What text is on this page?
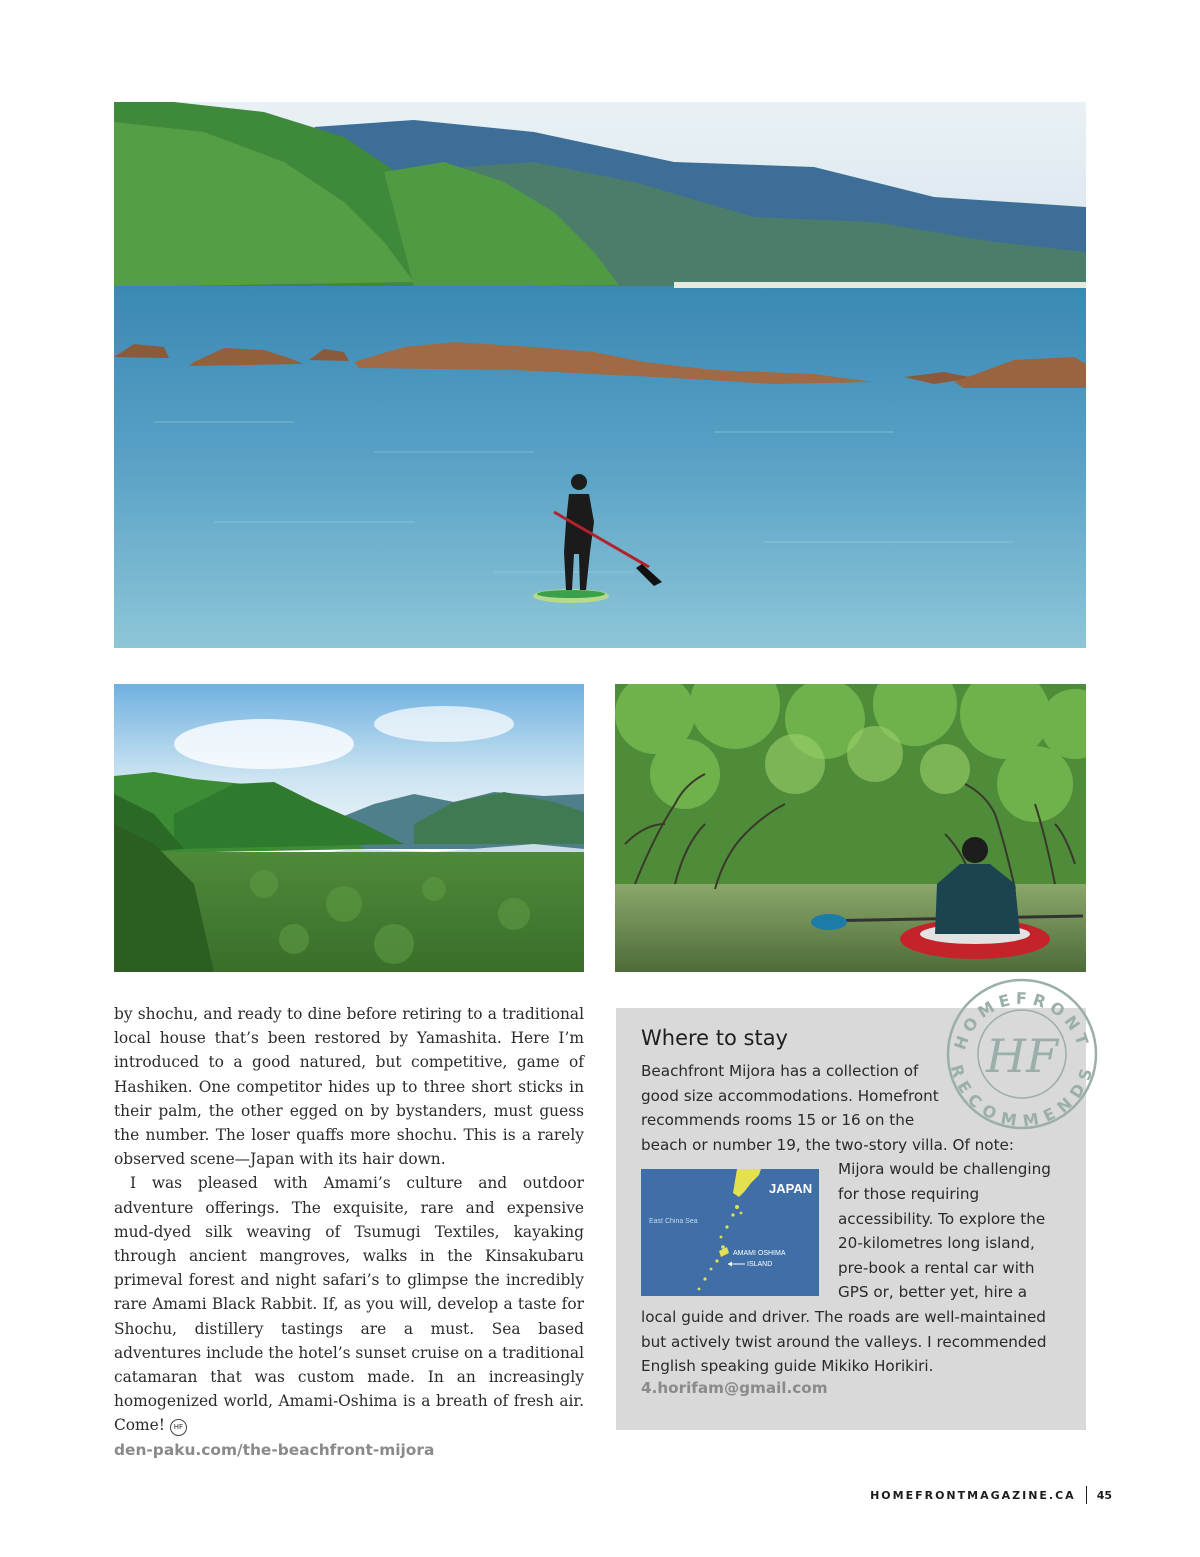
by shochu, and ready to dine before retiring to a traditional local house that’s been restored by Yamashita. Here I’m introduced to a good natured, but competitive, game of Hashiken. One competitor hides up to three short sticks in their palm, the other egged on by bystanders, must guess the number. The loser quaffs more shochu. This is a rarely observed scene—Japan with its hair down.

I was pleased with Amami’s culture and outdoor adventure offerings. The exquisite, rare and expensive mud-dyed silk weaving of Tsumugi Textiles, kayaking through ancient mangroves, walks in the Kinsakubaru primeval forest and night safari’s to glimpse the incredibly rare Amami Black Rabbit. If, as you will, develop a taste for Shochu, distillery tastings are a must. Sea based adventures include the hotel’s sunset cruise on a traditional catamaran that was custom made. In an increasingly homogenized world, Amami-Oshima is a breath of fresh air. Come! HF

den-paku.com/the-beachfront-mijora
Where to stay
Beachfront Mijora has a collection of
good size accommodations. Homefront
recommends rooms 15 or 16 on the
beach or number 19, the two-story villa. Of note:
JAPAN
East China Sea
AMAMI OSHIMA
ISLAND
Mijora would be challenging
for those requiring
accessibility. To explore the
20-kilometres long island,
pre-book a rental car with
GPS or, better yet, hire a
local guide and driver. The roads are well-maintained
but actively twist around the valleys. I recommended
English speaking guide Mikiko Horikiri.
4.horifam@gmail.com
HOMEFRONT
RECOMMENDS
HF
HOMEFRONTMAGAZINE.CA 45
